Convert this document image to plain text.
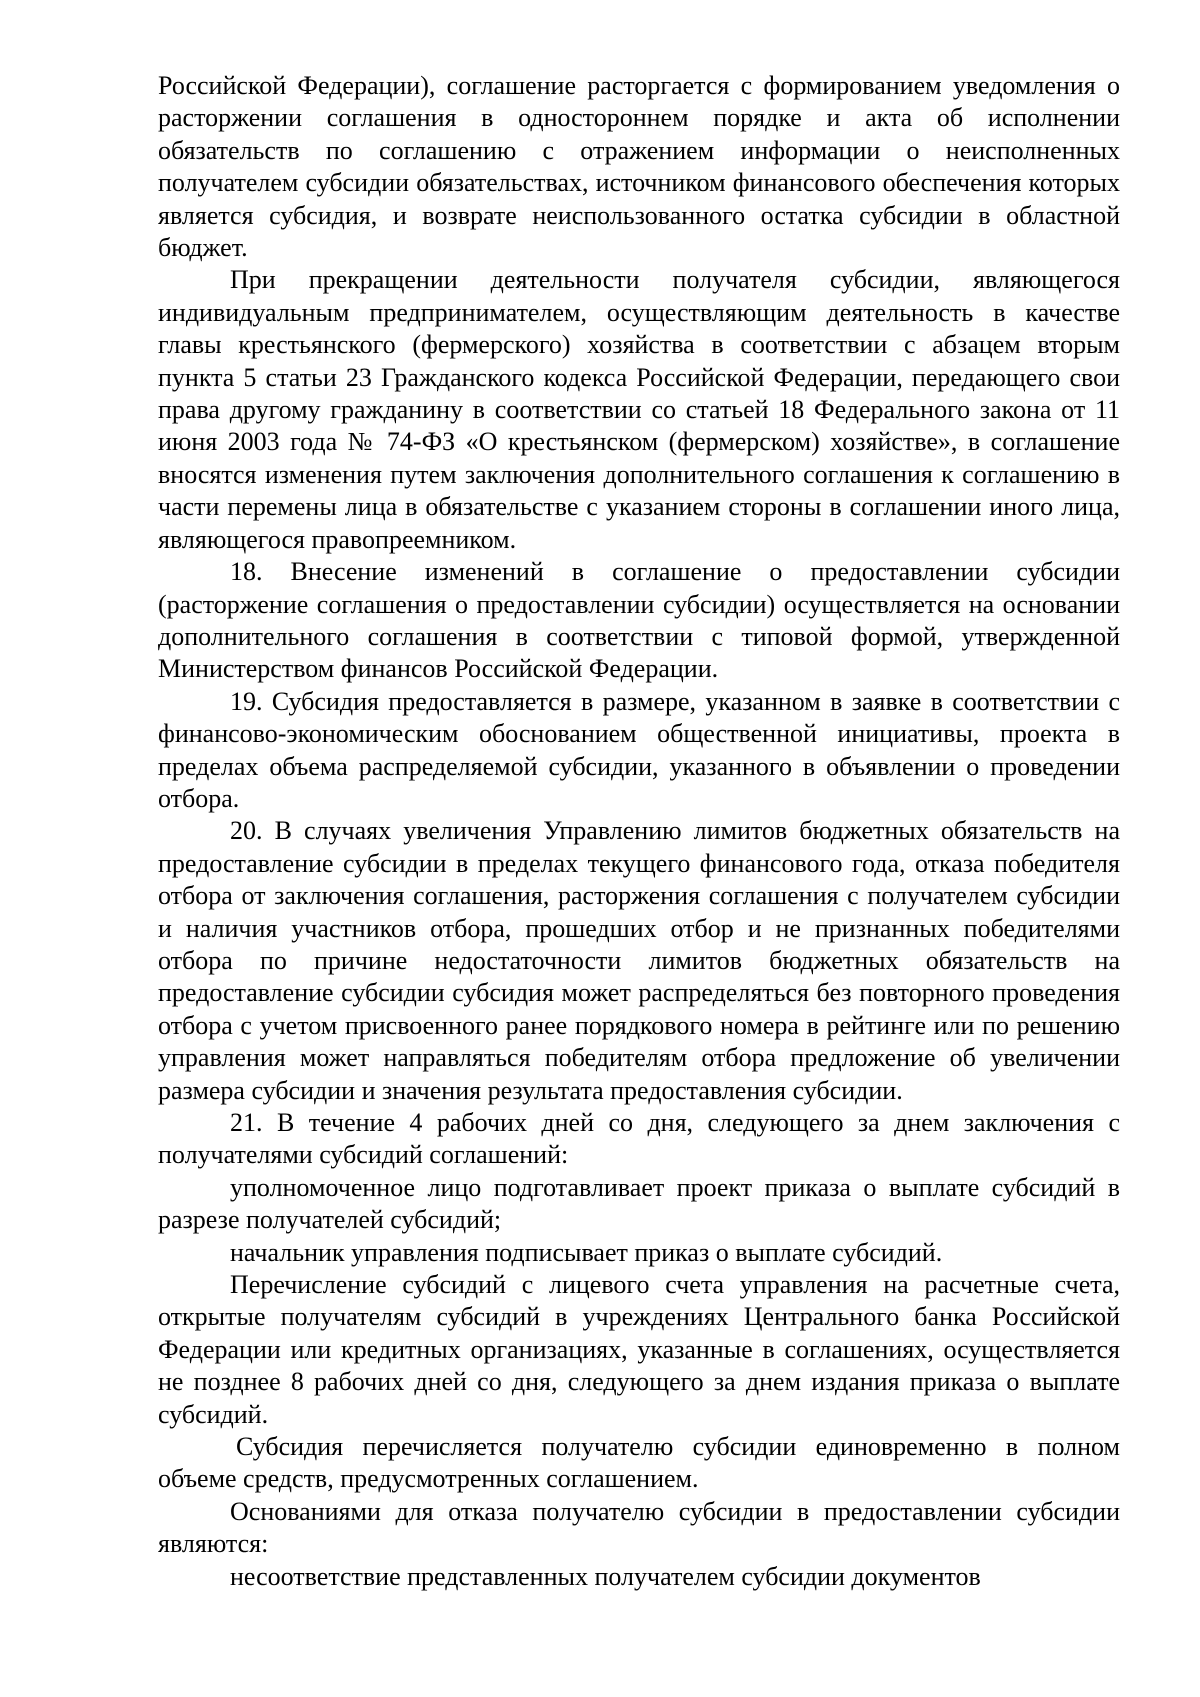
Российской Федерации), соглашение расторгается с формированием уведомления о расторжении соглашения в одностороннем порядке и акта об исполнении обязательств по соглашению с отражением информации о неисполненных получателем субсидии обязательствах, источником финансового обеспечения которых является субсидия, и возврате неиспользованного остатка субсидии в областной бюджет.

При прекращении деятельности получателя субсидии, являющегося индивидуальным предпринимателем, осуществляющим деятельность в качестве главы крестьянского (фермерского) хозяйства в соответствии с абзацем вторым пункта 5 статьи 23 Гражданского кодекса Российской Федерации, передающего свои права другому гражданину в соответствии со статьей 18 Федерального закона от 11 июня 2003 года № 74-ФЗ «О крестьянском (фермерском) хозяйстве», в соглашение вносятся изменения путем заключения дополнительного соглашения к соглашению в части перемены лица в обязательстве с указанием стороны в соглашении иного лица, являющегося правопреемником.

18. Внесение изменений в соглашение о предоставлении субсидии (расторжение соглашения о предоставлении субсидии) осуществляется на основании дополнительного соглашения в соответствии с типовой формой, утвержденной Министерством финансов Российской Федерации.

19. Субсидия предоставляется в размере, указанном в заявке в соответствии с финансово-экономическим обоснованием общественной инициативы, проекта в пределах объема распределяемой субсидии, указанного в объявлении о проведении отбора.

20. В случаях увеличения Управлению лимитов бюджетных обязательств на предоставление субсидии в пределах текущего финансового года, отказа победителя отбора от заключения соглашения, расторжения соглашения с получателем субсидии и наличия участников отбора, прошедших отбор и не признанных победителями отбора по причине недостаточности лимитов бюджетных обязательств на предоставление субсидии субсидия может распределяться без повторного проведения отбора с учетом присвоенного ранее порядкового номера в рейтинге или по решению управления может направляться победителям отбора предложение об увеличении размера субсидии и значения результата предоставления субсидии.

21. В течение 4 рабочих дней со дня, следующего за днем заключения с получателями субсидий соглашений:

уполномоченное лицо подготавливает проект приказа о выплате субсидий в разрезе получателей субсидий;

начальник управления подписывает приказ о выплате субсидий.

Перечисление субсидий с лицевого счета управления на расчетные счета, открытые получателям субсидий в учреждениях Центрального банка Российской Федерации или кредитных организациях, указанные в соглашениях, осуществляется не позднее 8 рабочих дней со дня, следующего за днем издания приказа о выплате субсидий.

Субсидия перечисляется получателю субсидии единовременно в полном объеме средств, предусмотренных соглашением.

Основаниями для отказа получателю субсидии в предоставлении субсидии являются:

несоответствие представленных получателем субсидии документов
